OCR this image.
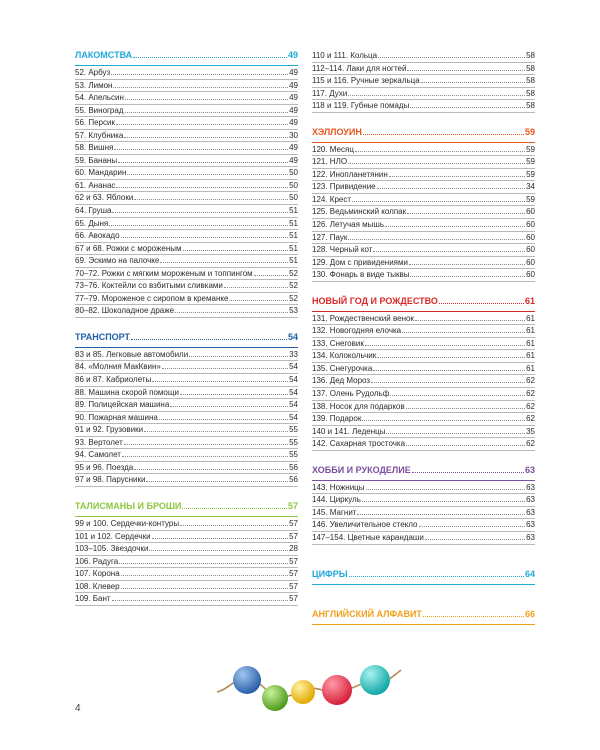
ЛАКОМСТВА	49
52. Арбуз	49
53. Лимон	49
54. Апельсин	49
55. Виноград	49
56. Персик	49
57. Клубника	30
58. Вишня	49
59. Бананы	49
60. Мандарин	50
61. Ананас	50
62 и 63. Яблоки	50
64. Груша	51
65. Дыня	51
66. Авокадо	51
67 и 68. Рожки с мороженым	51
69. Эскимо на палочке	51
70–72. Рожки с мягким мороженым и топпингом	52
73–76. Коктейли со взбитыми сливками	52
77–79. Мороженое с сиропом в креманке	52
80–82. Шоколадное драже	53
ТРАНСПОРТ	54
83 и 85. Легковые автомобили	33
84. «Молния МакКвин»	54
86 и 87. Кабриолеты	54
88. Машина скорой помощи	54
89. Полицейская машина	54
90. Пожарная машина	54
91 и 92. Грузовики	55
93. Вертолет	55
94. Самолет	55
95 и 96. Поезда	56
97 и 98. Парусники	56
ТАЛИСМАНЫ И БРОШИ	57
99 и 100. Сердечки-контуры	57
101 и 102. Сердечки	57
103–105. Звездочки	28
106. Радуга	57
107. Корона	57
108. Клевер	57
109. Бант	57
110 и 111. Кольца	58
112–114. Лаки для ногтей	58
115 и 116. Ручные зеркальца	58
117. Духи	58
118 и 119. Губные помады	58
ХЭЛЛОУИН	59
120. Месяц	59
121. НЛО	59
122. Инопланетянин	59
123. Привидение	34
124. Крест	59
125. Ведьминский колпак	60
126. Летучая мышь	60
127. Паук	60
128. Черный кот	60
129. Дом с привидениями	60
130. Фонарь в виде тыквы	60
НОВЫЙ ГОД И РОЖДЕСТВО	61
131. Рождественский венок	61
132. Новогодняя елочка	61
133. Снеговик	61
134. Колокольчик	61
135. Снегурочка	61
136. Дед Мороз	62
137. Олень Рудольф	62
138. Носок для подарков	62
139. Подарок	62
140 и 141. Леденцы	35
142. Сахарная тросточка	62
ХОББИ И РУКОДЕЛИЕ	63
143. Ножницы	63
144. Циркуль	63
145. Магнит	63
146. Увеличительное стекло	63
147–154. Цветные карандаши	63
ЦИФРЫ	64
АНГЛИЙСКИЙ АЛФАВИТ	66
4
